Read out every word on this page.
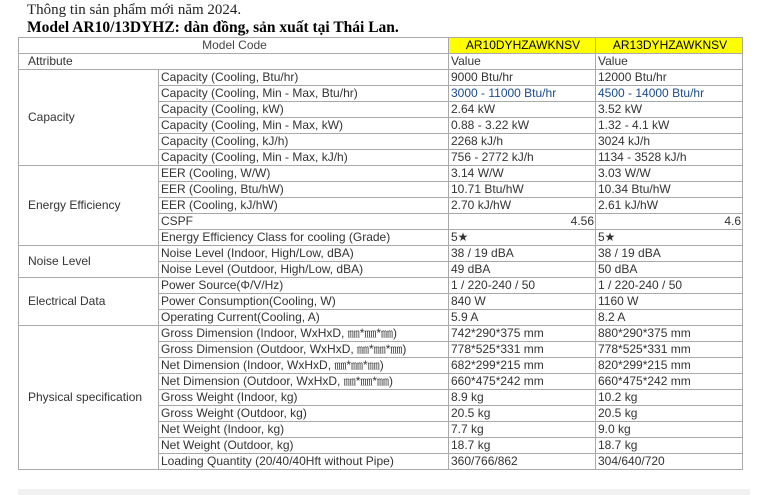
Thông tin sản phẩm mới năm 2024.
Model AR10/13DYHZ: dàn đồng, sản xuất tại Thái Lan.
Model Code		AR10DYHZAWKNSV	AR13DYHZAWKNSV
Attribute		Value	Value
Capacity	Capacity (Cooling, Btu/hr)	9000 Btu/hr	12000 Btu/hr
	Capacity (Cooling, Min - Max, Btu/hr)	3000 - 11000 Btu/hr	4500 - 14000 Btu/hr
	Capacity (Cooling, kW)	2.64 kW	3.52 kW
	Capacity (Cooling, Min - Max, kW)	0.88 - 3.22 kW	1.32 - 4.1 kW
	Capacity (Cooling, kJ/h)	2268 kJ/h	3024 kJ/h
	Capacity (Cooling, Min - Max, kJ/h)	756 - 2772 kJ/h	1134 - 3528 kJ/h
Energy Efficiency	EER (Cooling, W/W)	3.14 W/W	3.03 W/W
	EER (Cooling, Btu/hW)	10.71 Btu/hW	10.34 Btu/hW
	EER (Cooling, kJ/hW)	2.70 kJ/hW	2.61 kJ/hW
	CSPF	4.56	4.6
	Energy Efficiency Class for cooling (Grade)	5★	5★
Noise Level	Noise Level (Indoor, High/Low, dBA)	38 / 19 dBA	38 / 19 dBA
	Noise Level (Outdoor, High/Low, dBA)	49 dBA	50 dBA
Electrical Data	Power Source(Φ/V/Hz)	1 / 220-240 / 50	1 / 220-240 / 50
	Power Consumption(Cooling, W)	840 W	1160 W
	Operating Current(Cooling, A)	5.9 A	8.2 A
Physical specification	Gross Dimension (Indoor, WxHxD, ㎜*㎜*㎜)	742*290*375 mm	880*290*375 mm
	Gross Dimension (Outdoor, WxHxD, ㎜*㎜*㎜)	778*525*331 mm	778*525*331 mm
	Net Dimension (Indoor, WxHxD, ㎜*㎜*㎜)	682*299*215 mm	820*299*215 mm
	Net Dimension (Outdoor, WxHxD, ㎜*㎜*㎜)	660*475*242 mm	660*475*242 mm
	Gross Weight (Indoor, kg)	8.9 kg	10.2 kg
	Gross Weight (Outdoor, kg)	20.5 kg	20.5 kg
	Net Weight (Indoor, kg)	7.7 kg	9.0 kg
	Net Weight (Outdoor, kg)	18.7 kg	18.7 kg
	Loading Quantity (20/40/40Hft without Pipe)	360/766/862	304/640/720
